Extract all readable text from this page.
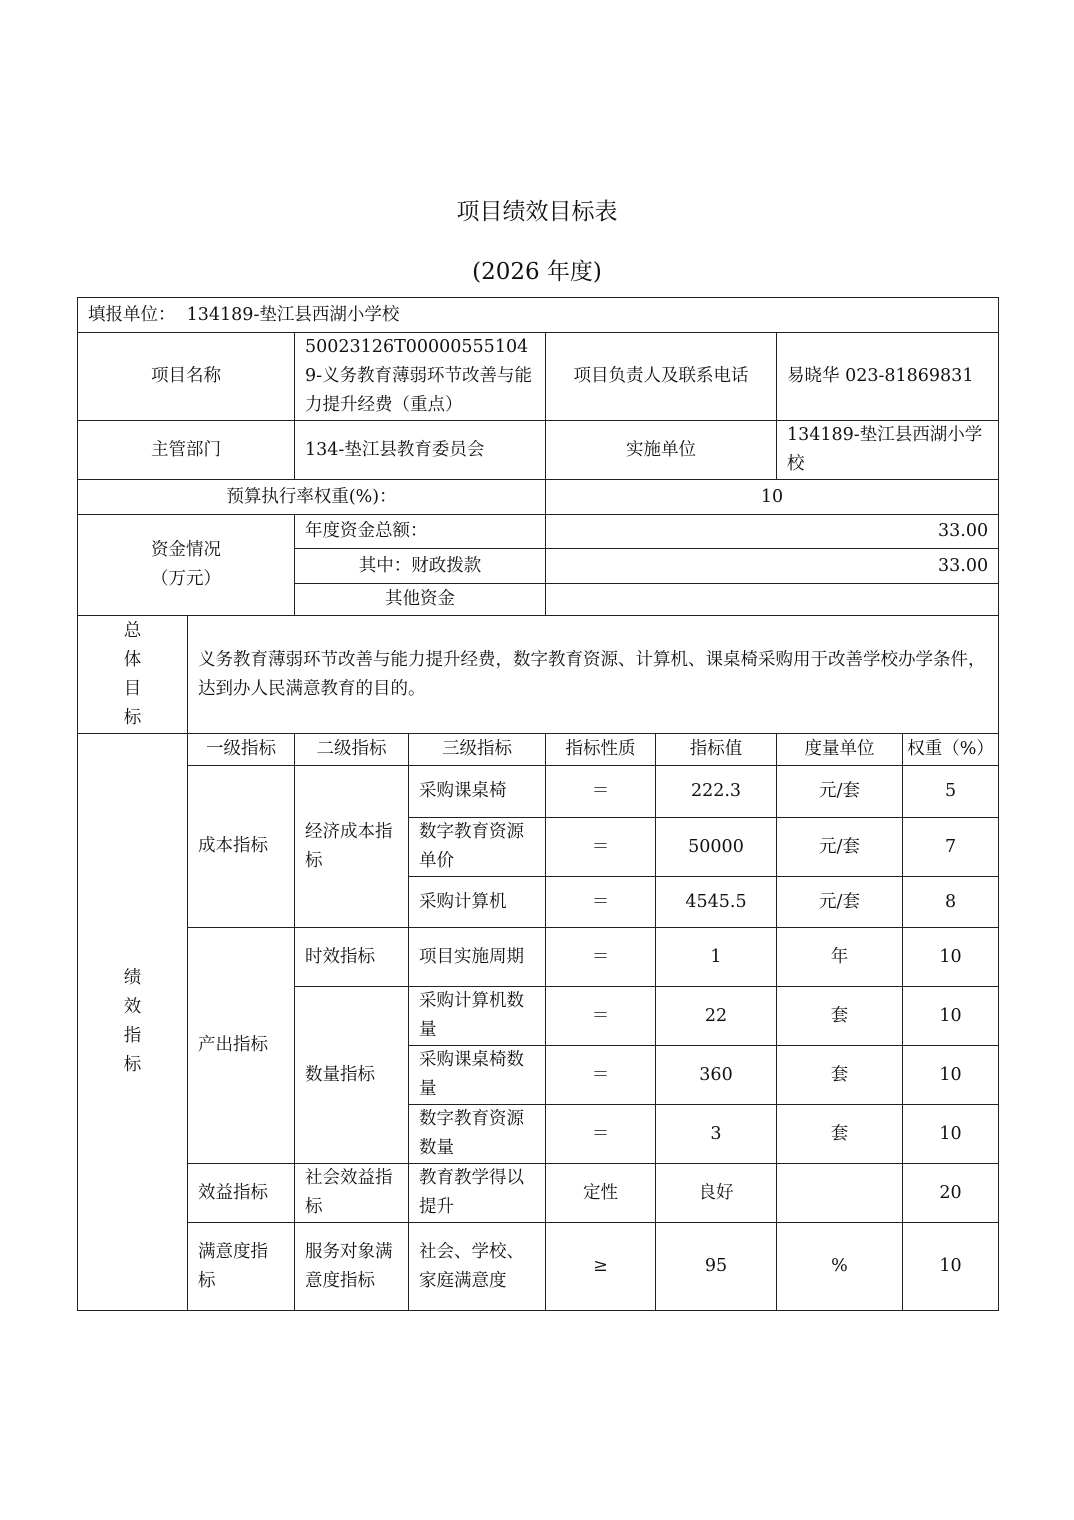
项目绩效目标表
(2026 年度)
填报单位： 134189-垫江县西湖小学校							
项目名称		50023126T000005551049-义务教育薄弱环节改善与能力提升经费（重点）		项目负责人及联系电话		易晓华 023-81869831	
主管部门		134-垫江县教育委员会		实施单位		134189-垫江县西湖小学校	
预算执行率权重(%)：				10			
资金情况（万元）		年度资金总额：		33.00			
		其中：财政拨款		33.00			
		其他资金					
总体目标	义务教育薄弱环节改善与能力提升经费，数字教育资源、计算机、课桌椅采购用于改善学校办学条件，达到办人民满意教育的目的。						
绩效指标	一级指标	二级指标	三级指标	指标性质	指标值	度量单位	权重（%）
	成本指标	经济成本指标	采购课桌椅	＝	222.3	元/套	5
			数字教育资源单价	＝	50000	元/套	7
			采购计算机	＝	4545.5	元/套	8
	产出指标	时效指标	项目实施周期	＝	1	年	10
		数量指标	采购计算机数量	＝	22	套	10
			采购课桌椅数量	＝	360	套	10
			数字教育资源数量	＝	3	套	10
	效益指标	社会效益指标	教育教学得以提升	定性	良好		20
	满意度指标	服务对象满意度指标	社会、学校、家庭满意度	≥	95	%	10
